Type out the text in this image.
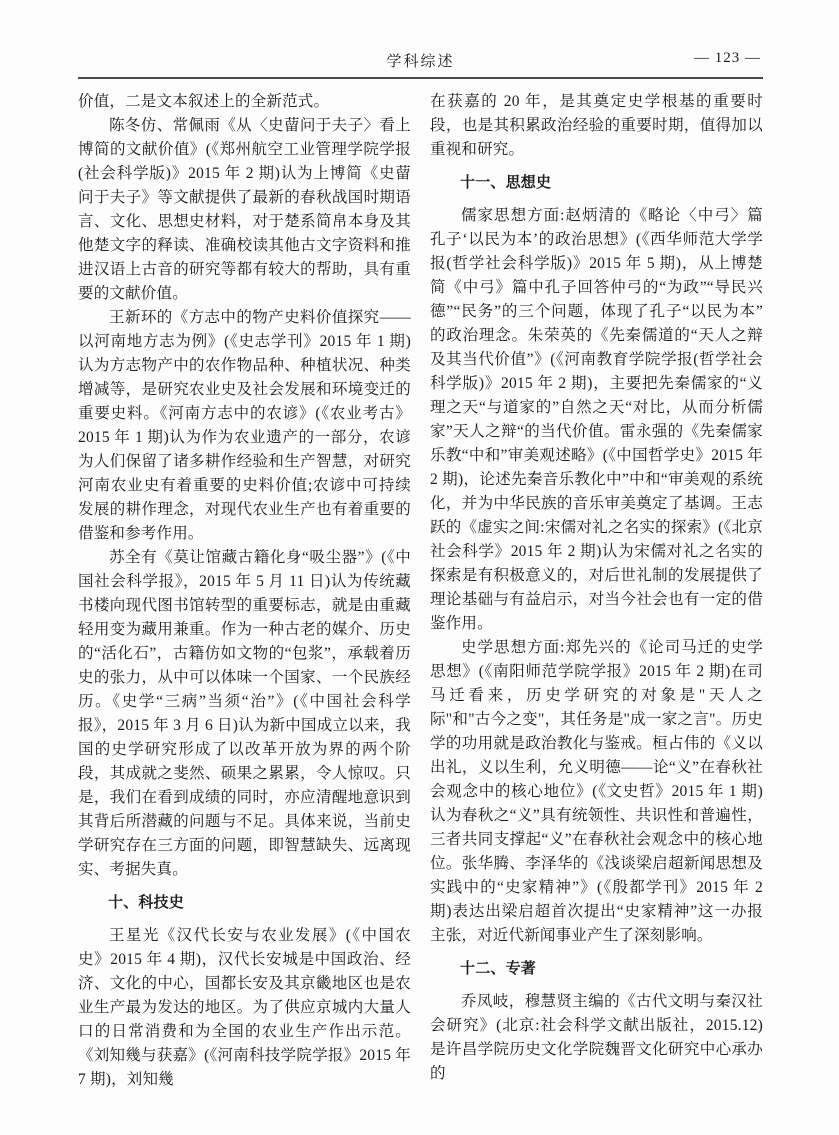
学科综述	— 123 —

价值，二是文本叙述上的全新范式。

陈冬仿、常佩雨《从〈史蒥问于夫子〉看上博简的文献价值》(《郑州航空工业管理学院学报(社会科学版)》2015 年 2 期)认为上博简《史蒥问于夫子》等文献提供了最新的春秋战国时期语言、文化、思想史材料，对于楚系简帛本身及其他楚文字的释读、准确校读其他古文字资料和推进汉语上古音的研究等都有较大的帮助，具有重要的文献价值。

王新环的《方志中的物产史料价值探究——以河南地方志为例》(《史志学刊》2015 年 1 期)认为方志物产中的农作物品种、种植状况、种类增减等，是研究农业史及社会发展和环境变迁的重要史料。《河南方志中的农谚》(《农业考古》2015 年 1 期)认为作为农业遗产的一部分，农谚为人们保留了诸多耕作经验和生产智慧，对研究河南农业史有着重要的史料价值;农谚中可持续发展的耕作理念，对现代农业生产也有着重要的借鉴和参考作用。

苏全有《莫让馆藏古籍化身“吸尘器”》(《中国社会科学报》，2015 年 5 月 11 日)认为传统藏书楼向现代图书馆转型的重要标志，就是由重藏轻用变为藏用兼重。作为一种古老的媒介、历史的“活化石”，古籍仿如文物的“包浆”，承载着历史的张力，从中可以体味一个国家、一个民族经历。《史学“三病”当须“治”》(《中国社会科学报》，2015 年 3 月 6 日)认为新中国成立以来，我国的史学研究形成了以改革开放为界的两个阶段，其成就之斐然、硕果之累累，令人惊叹。只是，我们在看到成绩的同时，亦应清醒地意识到其背后所潜藏的问题与不足。具体来说，当前史学研究存在三方面的问题，即智慧缺失、远离现实、考据失真。

十、科技史

王星光《汉代长安与农业发展》(《中国农史》2015 年 4 期)，汉代长安城是中国政治、经济、文化的中心，国都长安及其京畿地区也是农业生产最为发达的地区。为了供应京城内大量人口的日常消费和为全国的农业生产作出示范。《刘知幾与获嘉》(《河南科技学院学报》2015 年 7 期)，刘知幾

在获嘉的 20 年，是其奠定史学根基的重要时段，也是其积累政治经验的重要时期，值得加以重视和研究。

十一、思想史

儒家思想方面:赵炳清的《略论〈中弓〉篇孔子‘以民为本’的政治思想》(《西华师范大学学报(哲学社会科学版)》2015 年 5 期)，从上博楚简《中弓》篇中孔子回答仲弓的“为政”“导民兴德”“民务”的三个问题，体现了孔子“以民为本”的政治理念。朱荣英的《先秦儒道的“天人之辩及其当代价值”》(《河南教育学院学报(哲学社会科学版)》2015 年 2 期)，主要把先秦儒家的“义理之天“与道家的”自然之天“对比，从而分析儒家”天人之辩“的当代价值。雷永强的《先秦儒家乐教“中和”审美观述略》(《中国哲学史》2015 年 2 期)，论述先秦音乐教化中”中和“审美观的系统化，并为中华民族的音乐审美奠定了基调。王志跃的《虚实之间:宋儒对礼之名实的探索》(《北京社会科学》2015 年 2 期)认为宋儒对礼之名实的探索是有积极意义的，对后世礼制的发展提供了理论基础与有益启示，对当今社会也有一定的借鉴作用。

史学思想方面:郑先兴的《论司马迁的史学思想》(《南阳师范学院学报》2015 年 2 期)在司马迁看来，历史学研究的对象是"天人之际"和"古今之变"，其任务是"成一家之言"。历史学的功用就是政治教化与鉴戒。桓占伟的《义以出礼，义以生利，允义明德——论“义”在春秋社会观念中的核心地位》(《文史哲》2015 年 1 期)认为春秋之“义”具有统领性、共识性和普遍性，三者共同支撑起“义”在春秋社会观念中的核心地位。张华腾、李泽华的《浅谈梁启超新闻思想及实践中的“史家精神”》(《殷都学刊》2015 年 2 期)表达出梁启超首次提出“史家精神”这一办报主张，对近代新闻事业产生了深刻影响。

十二、专著

乔凤岐，穆慧贤主编的《古代文明与秦汉社会研究》(北京:社会科学文献出版社，2015.12)是许昌学院历史文化学院魏晋文化研究中心承办的
